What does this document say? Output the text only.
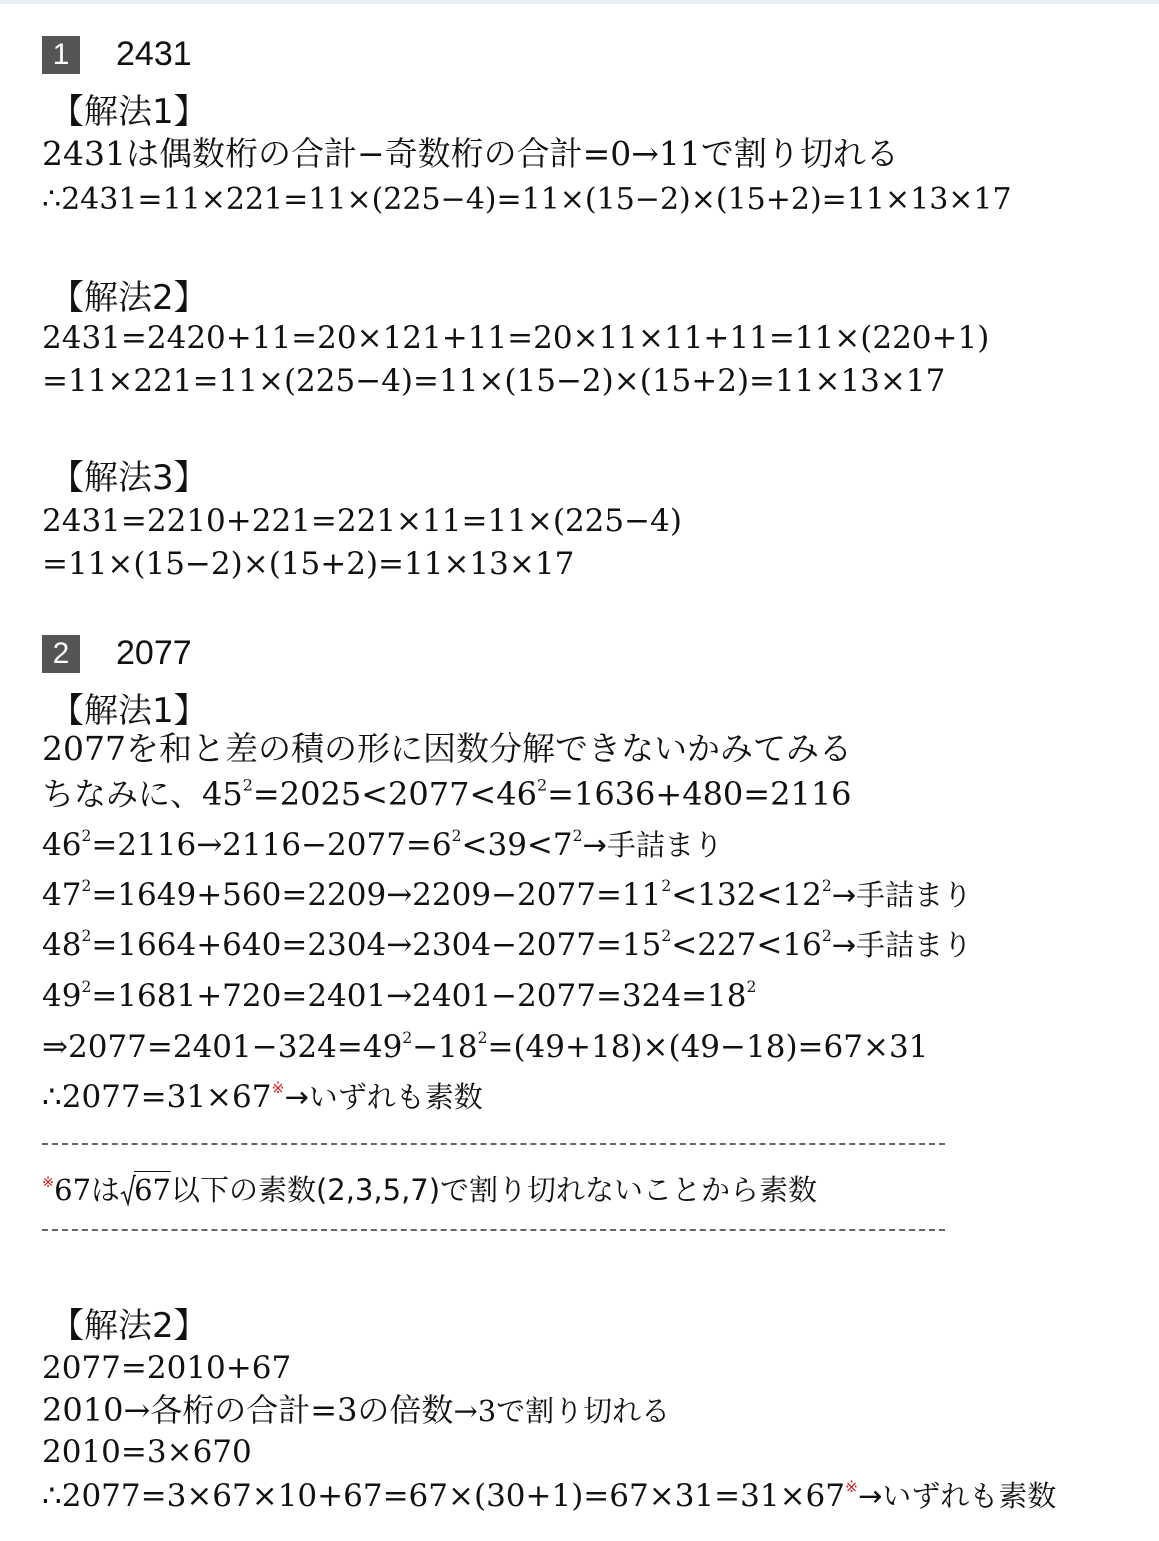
1	2431
【解法1】
2431は偶数桁の合計−奇数桁の合計=0→11で割り切れる
∴2431=11×221=11×(225−4)=11×(15−2)×(15+2)=11×13×17
【解法2】
2431=2420+11=20×121+11=20×11×11+11=11×(220+1)
=11×221=11×(225−4)=11×(15−2)×(15+2)=11×13×17
【解法3】
2431=2210+221=221×11=11×(225−4)
=11×(15−2)×(15+2)=11×13×17
2	2077
【解法1】
2077を和と差の積の形に因数分解できないかみてみる
ちなみに、$45^2=2025<2077<46^2=1636+480=2116$
$46^2=2116\to 2116-2077=6^2<39<7^2\to$手詰まり
$47^2=1649+560=2209\to 2209-2077=11^2<132<12^2\to$手詰まり
$48^2=1664+640=2304\to 2304-2077=15^2<227<16^2\to$手詰まり
$49^2=1681+720=2401\to 2401-2077=324=18^2$
$\Rightarrow 2077=2401-324=49^2-18^2=(49+18)\times(49-18)=67\times 31$
∴2077=31×67※→いずれも素数
※67は 67以下の素数(2,3,5,7)で割り切れないことから素数
【解法2】
2077=2010+67
2010→各桁の合計=3の倍数→3で割り切れる
2010=3×670
∴2077=3×67×10+67=67×(30+1)=67×31=31×67※→いずれも素数
